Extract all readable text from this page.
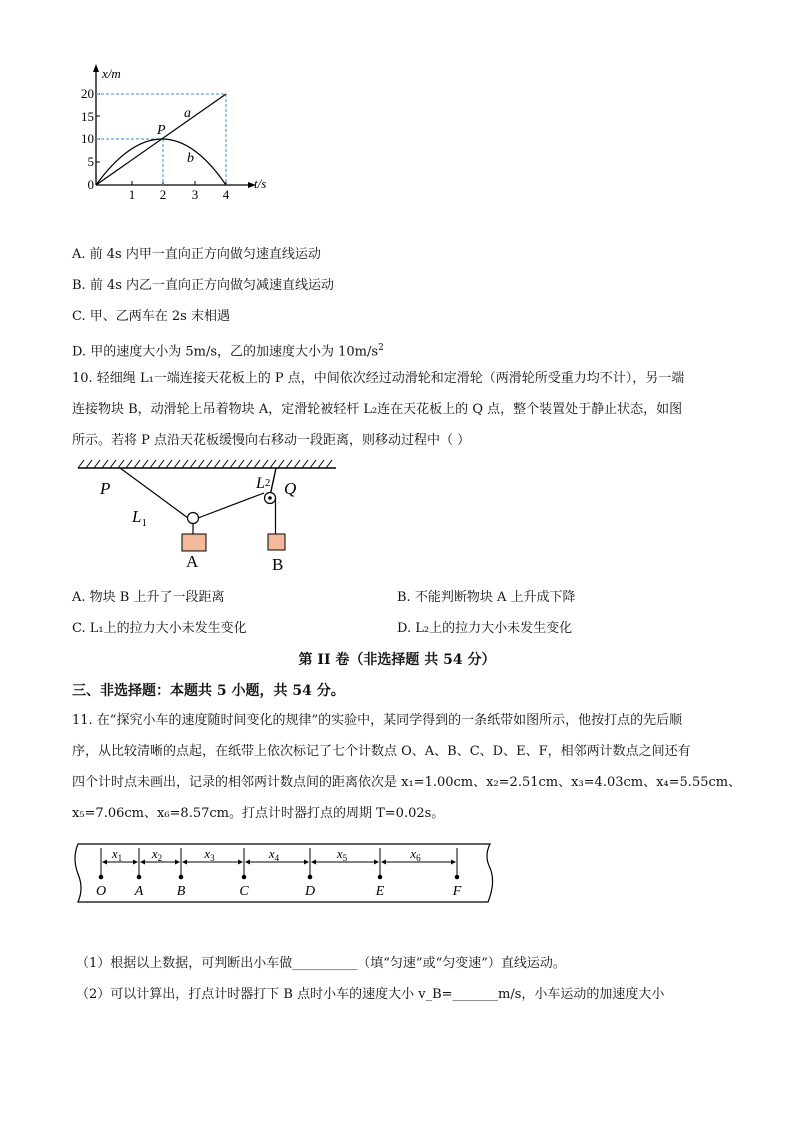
x/m
t/s
20
15
10
5
0
1 2 3 4
P
a
b
A. 前 4s 内甲一直向正方向做匀速直线运动
B. 前 4s 内乙一直向正方向做匀减速直线运动
C. 甲、乙两车在 2s 末相遇
D. 甲的速度大小为 5m/s，乙的加速度大小为 $10m/s^2$
10. 轻细绳 L₁一端连接天花板上的 P 点，中间依次经过动滑轮和定滑轮（两滑轮所受重力均不计），另一端
连接物块 B，动滑轮上吊着物块 A，定滑轮被轻杆 L₂连在天花板上的 Q 点，整个装置处于静止状态，如图
所示。若将 P 点沿天花板缓慢向右移动一段距离，则移动过程中（ ）
P	Q
$L_1$
L2
A	B
A. 物块 B 上升了一段距离	B. 不能判断物块 A 上升成下降
C. L₁上的拉力大小未发生变化	D. L₂上的拉力大小未发生变化
第 II 卷（非选择题 共 54 分）
三、非选择题：本题共 5 小题，共 54 分。
11. 在“探究小车的速度随时间变化的规律”的实验中，某同学得到的一条纸带如图所示，他按打点的先后顺
序，从比较清晰的点起，在纸带上依次标记了七个计数点 O、A、B、C、D、E、F，相邻两计数点之间还有
四个计时点未画出，记录的相邻两计数点间的距离依次是 x₁=1.00cm、x₂=2.51cm、x₃=4.03cm、x₄=5.55cm、
x₅=7.06cm、x₆=8.57cm。打点计时器打点的周期 T=0.02s。
O A B	C	D	E	F
$x_1$ $x_2$	$x_3$	$x_4$	$x_5$	$x_6$
（1）根据以上数据，可判断出小车做__________（填“匀速”或“匀变速”）直线运动。
（2）可以计算出，打点计时器打下 B 点时小车的速度大小 v_B=_______m/s，小车运动的加速度大小
